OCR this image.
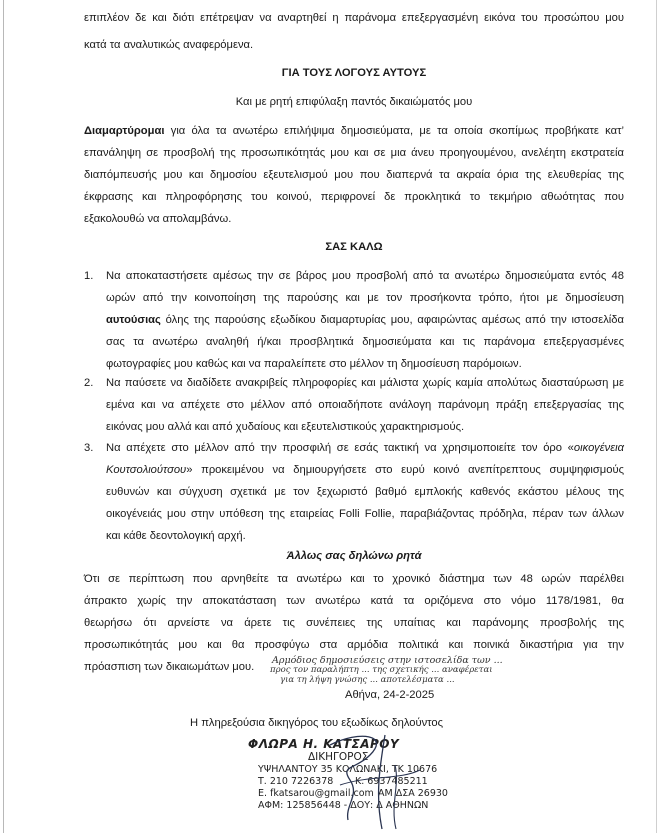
επιπλέον δε και διότι επέτρεψαν να αναρτηθεί η παράνομα επεξεργασμένη εικόνα του προσώπου μου
κατά τα αναλυτικώς αναφερόμενα.
ΓΙΑ ΤΟΥΣ ΛΟΓΟΥΣ ΑΥΤΟΥΣ
Και με ρητή επιφύλαξη παντός δικαιώματός μου
Διαμαρτύρομαι για όλα τα ανωτέρω επιλήψιμα δημοσιεύματα, με τα οποία σκοπίμως προβήκατε κατ’
επανάληψη σε προσβολή της προσωπικότητάς μου και σε μια άνευ προηγουμένου, ανελέητη εκστρατεία
διαπόμπευσής μου και δημοσίου εξευτελισμού μου που διαπερνά τα ακραία όρια της ελευθερίας της
έκφρασης και πληροφόρησης του κοινού, περιφρονεί δε προκλητικά το τεκμήριο αθωότητας που
εξακολουθώ να απολαμβάνω.
ΣΑΣ ΚΑΛΩ
1. Να αποκαταστήσετε αμέσως την σε βάρος μου προσβολή από τα ανωτέρω δημοσιεύματα εντός 48
ωρών από την κοινοποίηση της παρούσης και με τον προσήκοντα τρόπο, ήτοι με δημοσίευση
αυτούσιας όλης της παρούσης εξωδίκου διαμαρτυρίας μου, αφαιρώντας αμέσως από την ιστοσελίδα
σας τα ανωτέρω αναληθή ή/και προσβλητικά δημοσιεύματα και τις παράνομα επεξεργασμένες
φωτογραφίες μου καθώς και να παραλείπετε στο μέλλον τη δημοσίευση παρόμοιων.
2. Να παύσετε να διαδίδετε ανακριβείς πληροφορίες και μάλιστα χωρίς καμία απολύτως διασταύρωση με
εμένα και να απέχετε στο μέλλον από οποιαδήποτε ανάλογη παράνομη πράξη επεξεργασίας της
εικόνας μου αλλά και από χυδαίους και εξευτελιστικούς χαρακτηρισμούς.
3. Να απέχετε στο μέλλον από την προσφιλή σε εσάς τακτική να χρησιμοποιείτε τον όρο «οικογένεια
Κουτσολιούτσου» προκειμένου να δημιουργήσετε στο ευρύ κοινό ανεπίτρεπτους συμψηφισμούς
ευθυνών και σύγχυση σχετικά με τον ξεχωριστό βαθμό εμπλοκής καθενός εκάστου μέλους της
οικογένειάς μου στην υπόθεση της εταιρείας Folli Follie, παραβιάζοντας πρόδηλα, πέραν των άλλων
και κάθε δεοντολογική αρχή.
Άλλως σας δηλώνω ρητά
Ότι σε περίπτωση που αρνηθείτε τα ανωτέρω και το χρονικό διάστημα των 48 ωρών παρέλθει
άπρακτο χωρίς την αποκατάσταση των ανωτέρω κατά τα οριζόμενα στο νόμο 1178/1981, θα
θεωρήσω ότι αρνείστε να άρετε τις συνέπειες της υπαίτιας και παράνομης προσβολής της
προσωπικότητάς μου και θα προσφύγω στα αρμόδια πολιτικά και ποινικά δικαστήρια για την
πρόασπιση των δικαιωμάτων μου.
Αρμόδιος δημοσιεύσεις στην ιστοσελίδα των ...
προς τον παραλήπτη ... της σχετικής ... αναφέρεται
για τη λήψη γνώσης ... αποτελέσματα ...
Αθήνα, 24-2-2025
Η πληρεξούσια δικηγόρος του εξωδίκως δηλούντος
ΦΛΩΡΑ Η. ΚΑΤΣΑΡΟΥ
ΔΙΚΗΓΟΡΟΣ
ΥΨΗΛΑΝΤΟΥ 35 ΚΟΛΩΝΑΚΙ, ΤΚ 10676
Τ. 210 7226378 Κ. 6937485211
E. fkatsarou@gmail.com ΑΜ ΔΣΑ 26930
ΑΦΜ: 125856448 - ΔΟΥ: Δ ΑΘΗΝΩΝ
